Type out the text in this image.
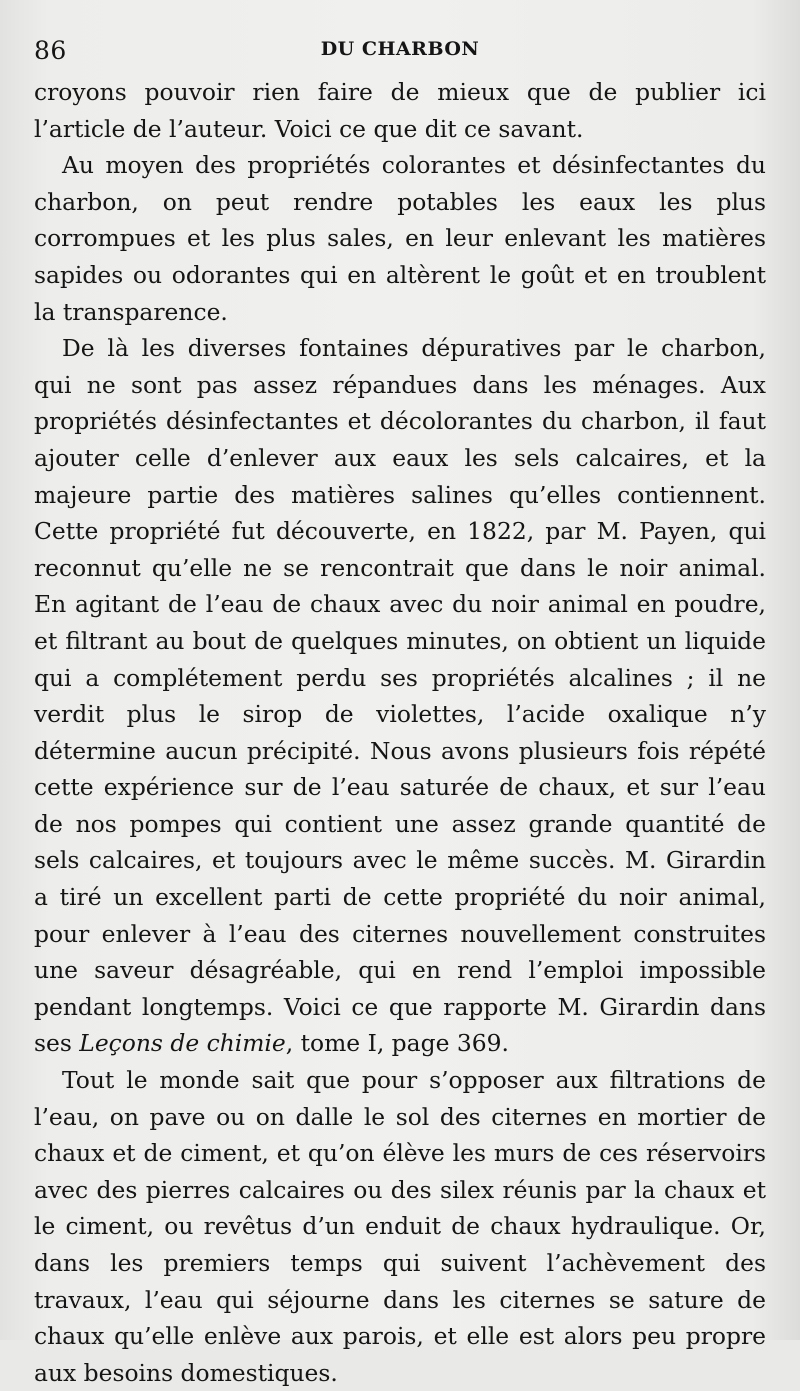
86	DU CHARBON

croyons pouvoir rien faire de mieux que de publier ici l’article de l’auteur. Voici ce que dit ce savant.

Au moyen des propriétés colorantes et désinfectantes du charbon, on peut rendre potables les eaux les plus corrompues et les plus sales, en leur enlevant les matières sapides ou odorantes qui en altèrent le goût et en troublent la transparence.

De là les diverses fontaines dépuratives par le charbon, qui ne sont pas assez répandues dans les ménages. Aux propriétés désinfectantes et décolorantes du charbon, il faut ajouter celle d’enlever aux eaux les sels calcaires, et la majeure partie des matières salines qu’elles contiennent. Cette propriété fut découverte, en 1822, par M. Payen, qui reconnut qu’elle ne se rencontrait que dans le noir animal. En agitant de l’eau de chaux avec du noir animal en poudre, et filtrant au bout de quelques minutes, on obtient un liquide qui a complétement perdu ses propriétés alcalines ; il ne verdit plus le sirop de violettes, l’acide oxalique n’y détermine aucun précipité. Nous avons plusieurs fois répété cette expérience sur de l’eau saturée de chaux, et sur l’eau de nos pompes qui contient une assez grande quantité de sels calcaires, et toujours avec le même succès. M. Girardin a tiré un excellent parti de cette propriété du noir animal, pour enlever à l’eau des citernes nouvellement construites une saveur désagréable, qui en rend l’emploi impossible pendant longtemps. Voici ce que rapporte M. Girardin dans ses Leçons de chimie, tome I, page 369.

Tout le monde sait que pour s’opposer aux filtrations de l’eau, on pave ou on dalle le sol des citernes en mortier de chaux et de ciment, et qu’on élève les murs de ces réservoirs avec des pierres calcaires ou des silex réunis par la chaux et le ciment, ou revêtus d’un enduit de chaux hydraulique. Or, dans les premiers temps qui suivent l’achèvement des travaux, l’eau qui séjourne dans les citernes se sature de chaux qu’elle enlève aux parois, et elle est alors peu propre aux besoins domestiques.
